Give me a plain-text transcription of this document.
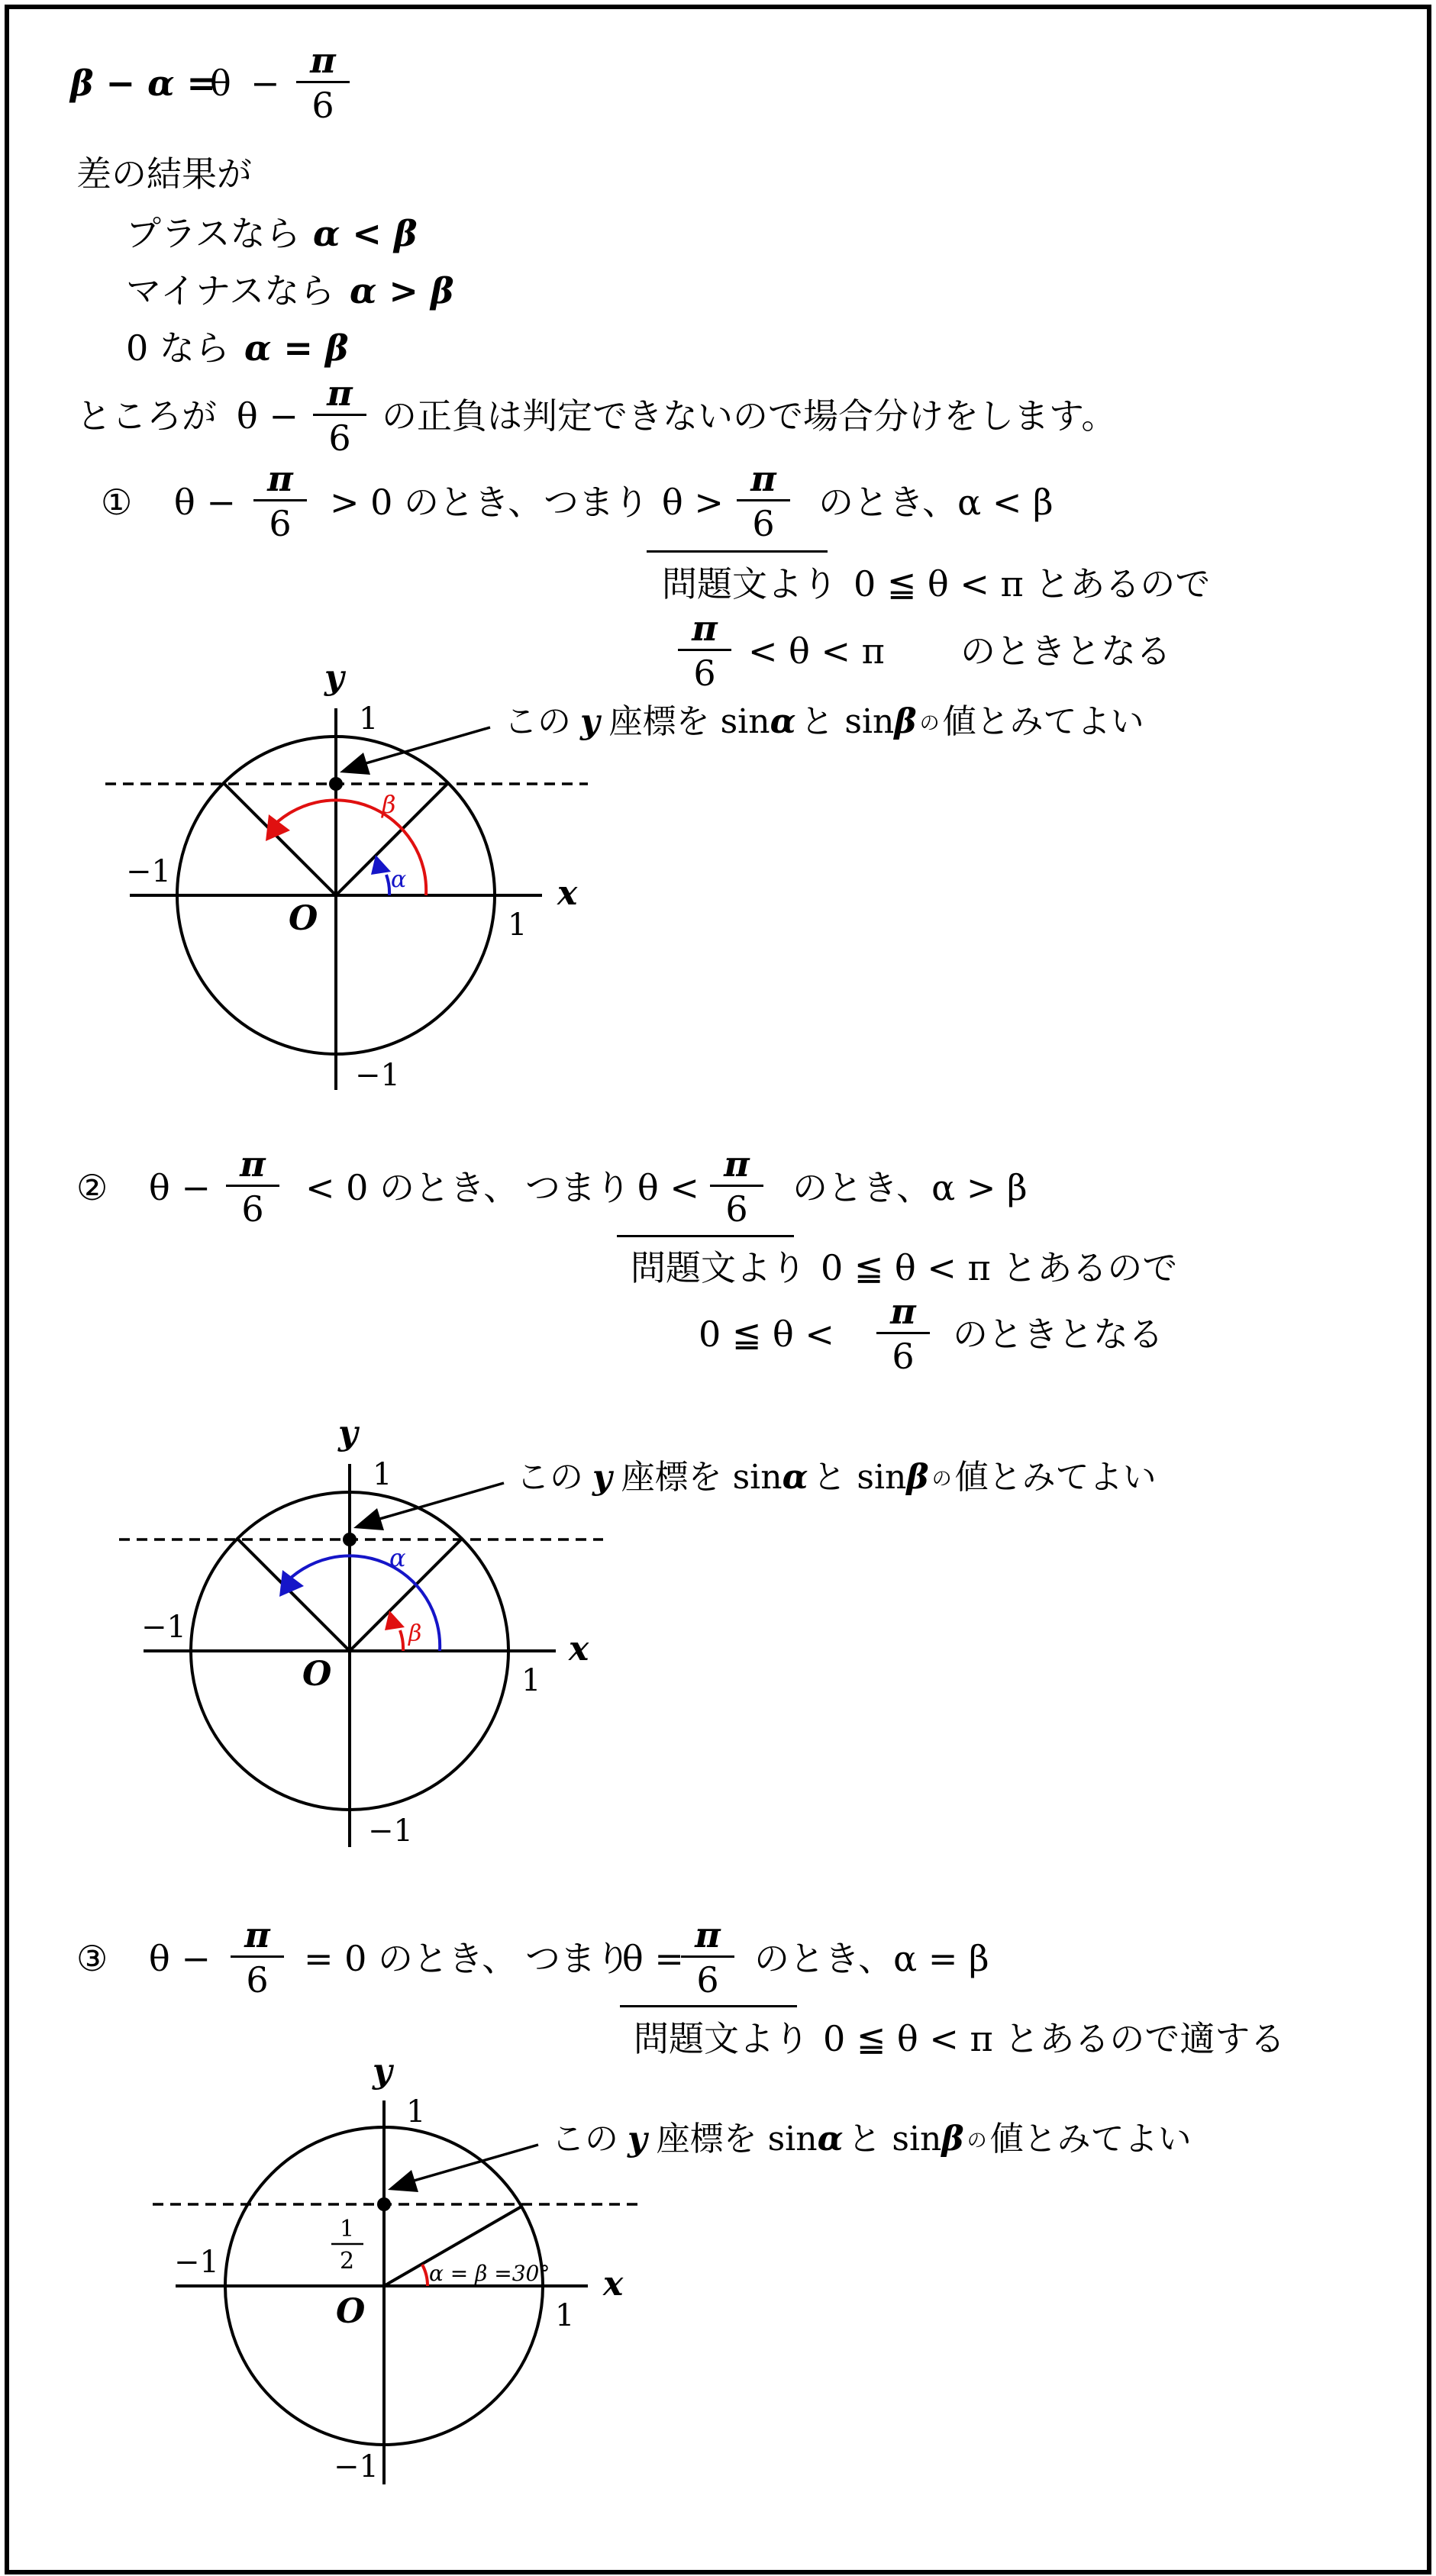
β − α =
$\theta - \frac{\pi}{6}$
差の結果が
プラスなら α < β
マイナスなら α > β
0 なら α = β
ところが $\theta - \frac{\pi}{6}$ の正負は判定できないので場合分けをします。
① $\theta - \frac{\pi}{6} > 0$ のとき、 つまり $\theta > \frac{\pi}{6}$ のとき、α < β
問題文より 0 ≦ θ < π とあるので
$\frac{\pi}{6} < \theta < \pi$ のときとなる
② $\theta - \frac{\pi}{6} < 0$ のとき、 つまり $\theta < \frac{\pi}{6}$ のとき、α > β
問題文より 0 ≦ θ < π とあるので
0 ≦ $\theta < \frac{\pi}{6}$ のときとなる
③ $\theta - \frac{\pi}{6} = 0$ のとき、 つまり
θ =
$\frac{\pi}{6}$ のとき、α = β
問題文より 0 ≦ θ < π とあるので適する
y
1
x
1
−1
−1
O
β
α
この y 座標を sinα と sinβ の値とみてよい
y
1
x
1
−1
−1
O
α
β
この y 座標を sinα と sinβ の値とみてよい
y
1
x
1
−1
−1
O
1
2	α = β =30°
この y 座標を sinα と sinβ の値とみてよい
